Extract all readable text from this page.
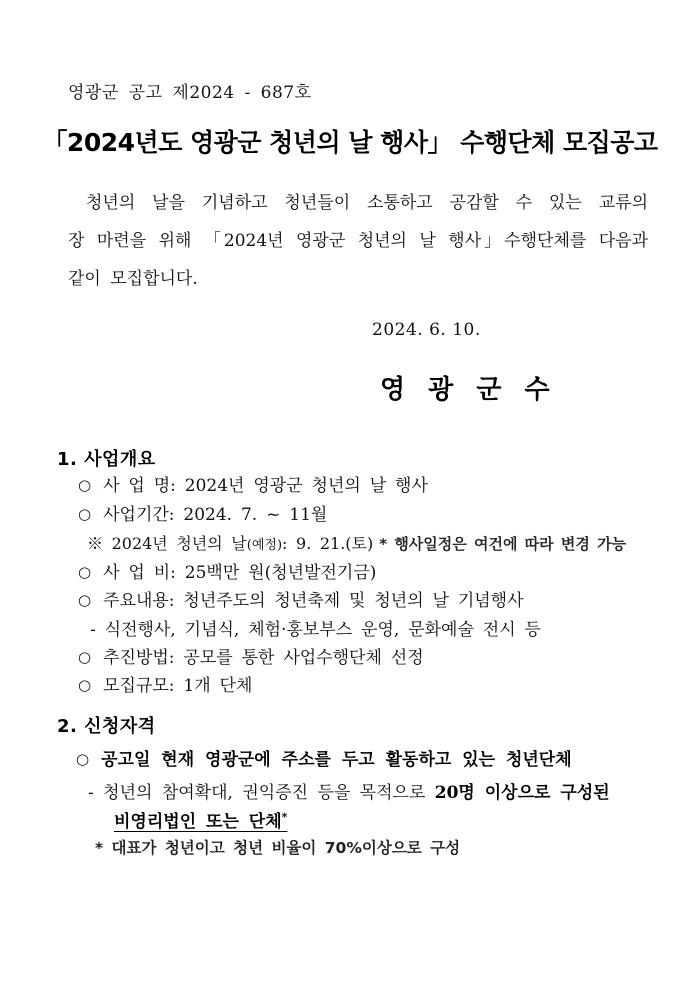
영광군 공고 제2024 - 687호
「2024년도 영광군 청년의 날 행사」 수행단체 모집공고
청년의 날을 기념하고 청년들이 소통하고 공감할 수 있는 교류의
장 마련을 위해 「2024년 영광군 청년의 날 행사」수행단체를 다음과
같이 모집합니다.
2024. 6. 10.
영 광 군 수
1. 사업개요
○ 사 업 명: 2024년 영광군 청년의 날 행사
○ 사업기간: 2024. 7. ~ 11월
※ 2024년 청년의 날(예정): 9. 21.(토) * 행사일정은 여건에 따라 변경 가능
○ 사 업 비: 25백만 원(청년발전기금)
○ 주요내용: 청년주도의 청년축제 및 청년의 날 기념행사
- 식전행사, 기념식, 체험·홍보부스 운영, 문화예술 전시 등
○ 추진방법: 공모를 통한 사업수행단체 선정
○ 모집규모: 1개 단체
2. 신청자격
○ 공고일 현재 영광군에 주소를 두고 활동하고 있는 청년단체
- 청년의 참여확대, 권익증진 등을 목적으로 20명 이상으로 구성된
비영리법인 또는 단체*
* 대표가 청년이고 청년 비율이 70%이상으로 구성
